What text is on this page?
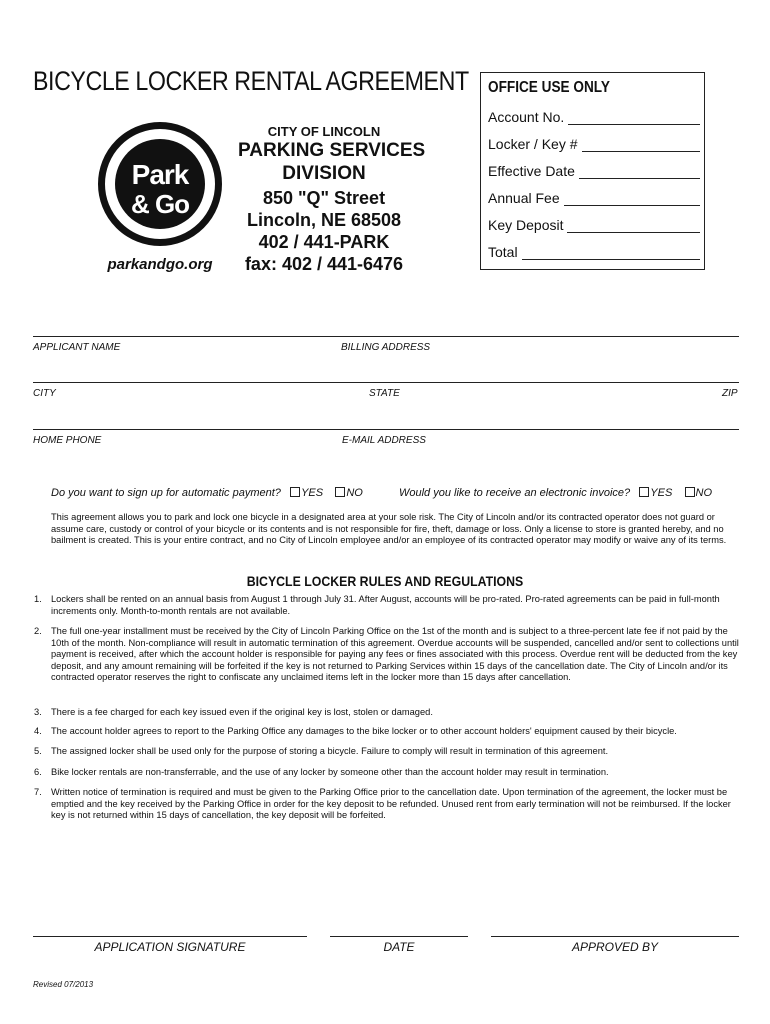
BICYCLE LOCKER RENTAL AGREEMENT
Park
& Go
parkandgo.org
CITY OF LINCOLN
PARKING SERVICES
DIVISION
850 "Q" Street
Lincoln, NE 68508
402 / 441-PARK
fax: 402 / 441-6476
OFFICE USE ONLY
Account No.
Locker / Key #
Effective Date
Annual Fee
Key Deposit
Total
APPLICANT NAME	BILLING ADDRESS
CITY	STATE	ZIP
HOME PHONE	E-MAIL ADDRESS
Do you want to sign up for automatic payment? YES NO	Would you like to receive an electronic invoice? YES NO
This agreement allows you to park and lock one bicycle in a designated area at your sole risk. The City of Lincoln and/or its contracted operator does not guard or assume care, custody or control of your bicycle or its contents and is not responsible for fire, theft, damage or loss. Only a license to store is granted hereby, and no bailment is created. This is your entire contract, and no City of Lincoln employee and/or an employee of its contracted operator may modify or waive any of its terms.
BICYCLE LOCKER RULES AND REGULATIONS
1. Lockers shall be rented on an annual basis from August 1 through July 31. After August, accounts will be pro-rated. Pro-rated agreements can be paid in full-month increments only. Month-to-month rentals are not available.
2. The full one-year installment must be received by the City of Lincoln Parking Office on the 1st of the month and is subject to a three-percent late fee if not paid by the 10th of the month. Non-compliance will result in automatic termination of this agreement. Overdue accounts will be suspended, cancelled and/or sent to collections until payment is received, after which the account holder is responsible for paying any fees or fines associated with this process. Overdue rent will be deducted from the key deposit, and any amount remaining will be forfeited if the key is not returned to Parking Services within 15 days of the cancellation date. The City of Lincoln and/or its contracted operator reserves the right to confiscate any unclaimed items left in the locker more than 15 days after cancellation.
3. There is a fee charged for each key issued even if the original key is lost, stolen or damaged.
4. The account holder agrees to report to the Parking Office any damages to the bike locker or to other account holders' equipment caused by their bicycle.
5. The assigned locker shall be used only for the purpose of storing a bicycle. Failure to comply will result in termination of this agreement.
6. Bike locker rentals are non-transferrable, and the use of any locker by someone other than the account holder may result in termination.
7. Written notice of termination is required and must be given to the Parking Office prior to the cancellation date. Upon termination of the agreement, the locker must be emptied and the key received by the Parking Office in order for the key deposit to be refunded. Unused rent from early termination will not be reimbursed. If the locker key is not returned within 15 days of cancellation, the key deposit will be forfeited.
APPLICATION SIGNATURE	DATE	APPROVED BY
Revised 07/2013
